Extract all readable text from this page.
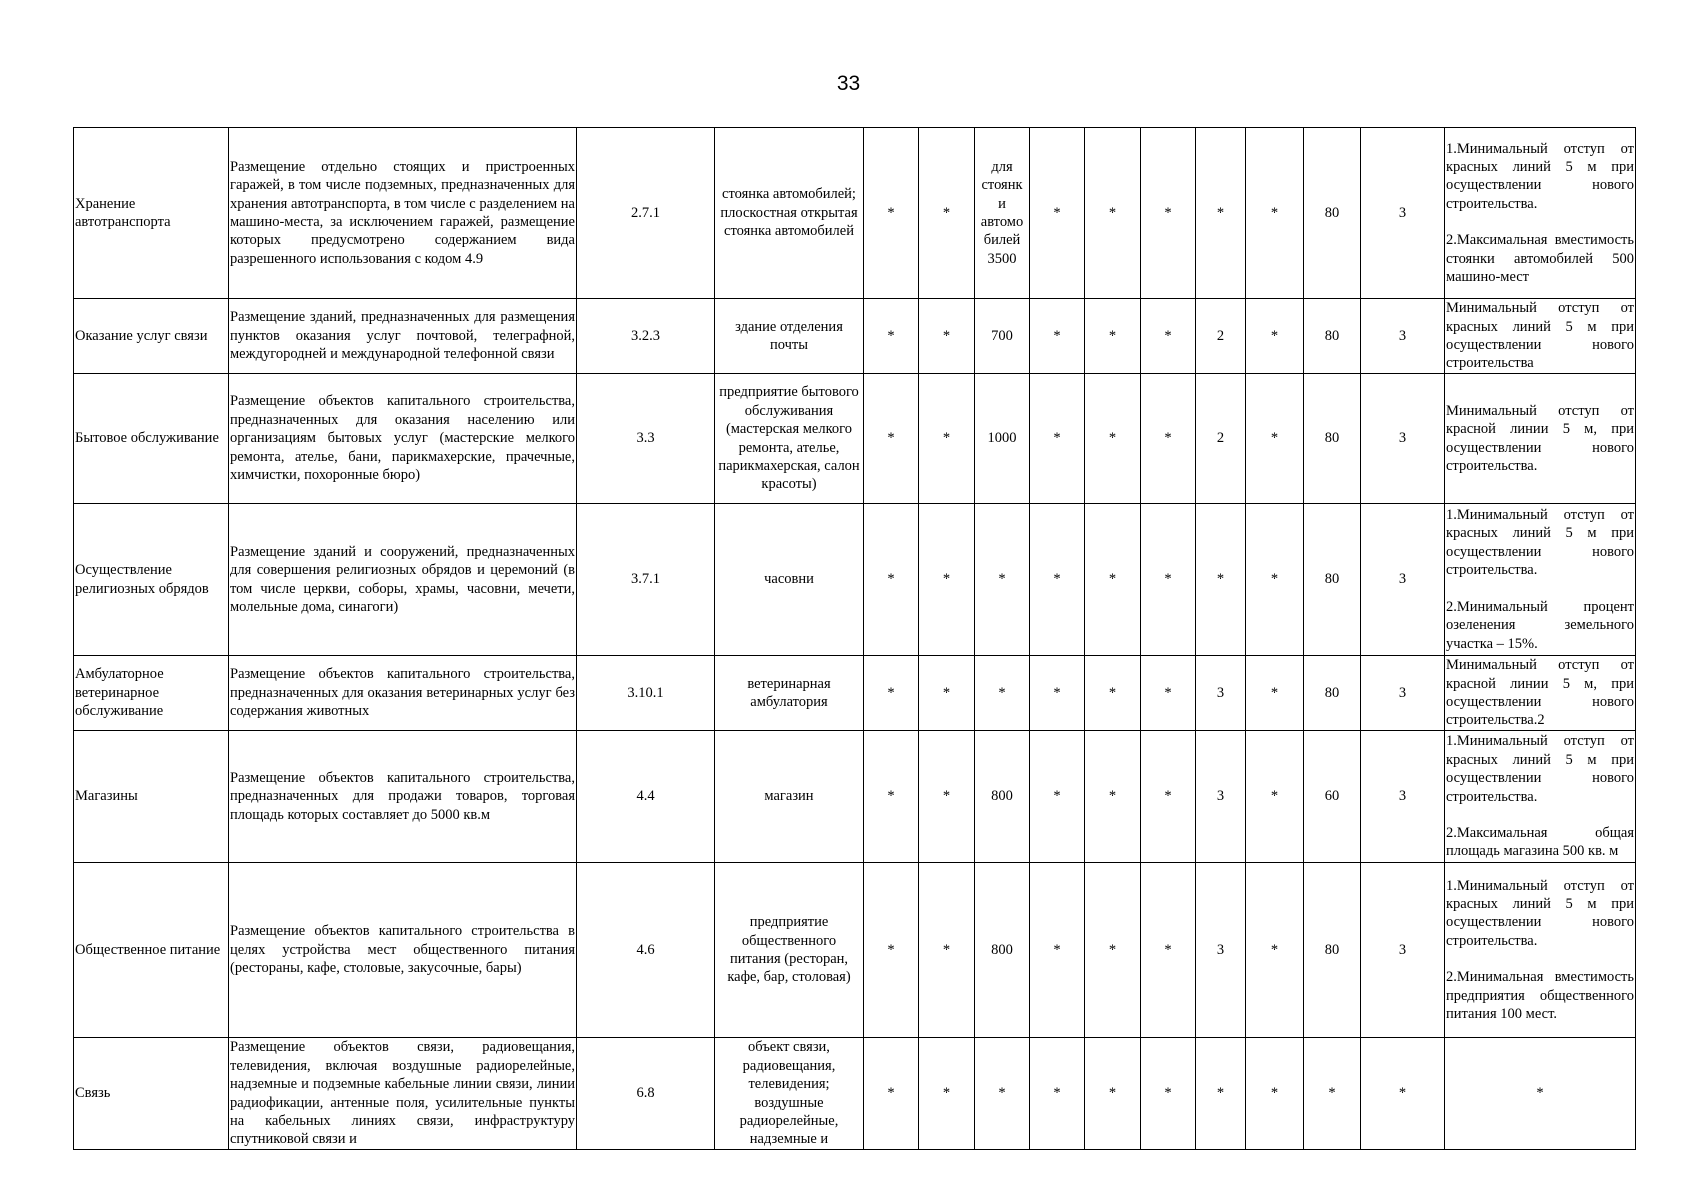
33
Хранение автотранспорта	Размещение отдельно стоящих и пристроенных гаражей, в том числе подземных, предназначенных для хранения автотранспорта, в том числе с разделением на машино-места, за исключением гаражей, размещение которых предусмотрено содержанием вида разрешенного использования с кодом 4.9	2.7.1	стоянка автомобилей; плоскостная открытая стоянка автомобилей	*	*	для стоянк и автомо билей 3500	*	*	*	*	*	80	3	1.Минимальный отступ от красных линий 5 м при осуществлении нового строительства.
2.Максимальная вместимость стоянки автомобилей 500 машино-мест

Оказание услуг связи	Размещение зданий, предназначенных для размещения пунктов оказания услуг почтовой, телеграфной, междугородней и международной телефонной связи	3.2.3	здание отделения почты	*	*	700	*	*	*	2	*	80	3	Минимальный отступ от красных линий 5 м при осуществлении нового строительства

Бытовое обслуживание	Размещение объектов капитального строительства, предназначенных для оказания населению или организациям бытовых услуг (мастерские мелкого ремонта, ателье, бани, парикмахерские, прачечные, химчистки, похоронные бюро)	3.3	предприятие бытового обслуживания (мастерская мелкого ремонта, ателье, парикмахерская, салон красоты)	*	*	1000	*	*	*	2	*	80	3	Минимальный отступ от красной линии 5 м, при осуществлении нового строительства.

Осуществление религиозных обрядов	Размещение зданий и сооружений, предназначенных для совершения религиозных обрядов и церемоний (в том числе церкви, соборы, храмы, часовни, мечети, молельные дома, синагоги)	3.7.1	часовни	*	*	*	*	*	*	*	*	80	3	1.Минимальный отступ от красных линий 5 м при осуществлении нового строительства.
2.Минимальный процент озеленения земельного участка – 15%.

Амбулаторное ветеринарное обслуживание	Размещение объектов капитального строительства, предназначенных для оказания ветеринарных услуг без содержания животных	3.10.1	ветеринарная амбулатория	*	*	*	*	*	*	3	*	80	3	Минимальный отступ от красной линии 5 м, при осуществлении нового строительства.2

Магазины	Размещение объектов капитального строительства, предназначенных для продажи товаров, торговая площадь которых составляет до 5000 кв.м	4.4	магазин	*	*	800	*	*	*	3	*	60	3	1.Минимальный отступ от красных линий 5 м при осуществлении нового строительства.
2.Максимальная общая площадь магазина 500 кв. м

Общественное питание	Размещение объектов капитального строительства в целях устройства мест общественного питания (рестораны, кафе, столовые, закусочные, бары)	4.6	предприятие общественного питания (ресторан, кафе, бар, столовая)	*	*	800	*	*	*	3	*	80	3	1.Минимальный отступ от красных линий 5 м при осуществлении нового строительства.
2.Минимальная вместимость предприятия общественного питания 100 мест.

Связь	Размещение объектов связи, радиовещания, телевидения, включая воздушные радиорелейные, надземные и подземные кабельные линии связи, линии радиофикации, антенные поля, усилительные пункты на кабельных линиях связи, инфраструктуру спутниковой связи и	6.8	объект связи, радиовещания, телевидения; воздушные радиорелейные, надземные и	*	*	*	*	*	*	*	*	*	*	*
